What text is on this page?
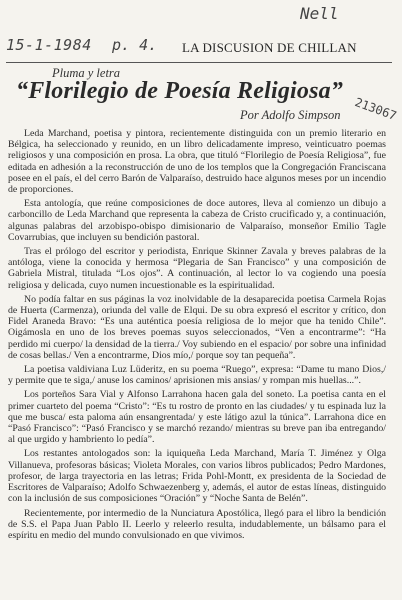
Nell
15-1-1984 p. 4. LA DISCUSION DE CHILLAN
213067
Pluma y letra
“Florilegio de Poesía Religiosa”
Por Adolfo Simpson

Leda Marchand, poetisa y pintora, recientemente distinguida con un premio literario en Bélgica, ha seleccionado y reunido, en un libro delicadamente impreso, veinticuatro poemas religiosos y una composición en prosa. La obra, que tituló “Florilegio de Poesía Religiosa”, fue editada en adhesión a la reconstrucción de uno de los templos que la Congregación Franciscana posee en el país, el del cerro Barón de Valparaíso, destruido hace algunos meses por un incendio de proporciones.

Esta antología, que reúne composiciones de doce autores, lleva al comienzo un dibujo a carboncillo de Leda Marchand que representa la cabeza de Cristo crucificado y, a continuación, algunas palabras del arzobispo-obispo dimisionario de Valparaíso, monseñor Emilio Tagle Covarrubias, que incluyen su bendición pastoral.

Tras el prólogo del escritor y periodista, Enrique Skinner Zavala y breves palabras de la antóloga, viene la conocida y hermosa “Plegaria de San Francisco” y una composición de Gabriela Mistral, titulada “Los ojos”. A continuación, al lector lo va cogiendo una poesía religiosa y delicada, cuyo numen incuestionable es la espiritualidad.

No podía faltar en sus páginas la voz inolvidable de la desaparecida poetisa Carmela Rojas de Huerta (Carmenza), oriunda del valle de Elqui. De su obra expresó el escritor y crítico, don Fidel Araneda Bravo: “Es una auténtica poesía religiosa de lo mejor que ha tenido Chile”. Oigámosla en uno de los breves poemas suyos seleccionados, “Ven a encontrarme”: “Ha perdido mi cuerpo/ la densidad de la tierra./ Voy subiendo en el espacio/ por sobre una infinidad de cosas bellas./ Ven a encontrarme, Dios mío,/ porque soy tan pequeña”.

La poetisa valdiviana Luz Lüderitz, en su poema “Ruego”, expresa: “Dame tu mano Dios,/ y permite que te siga,/ anuse los caminos/ aprisionen mis ansias/ y rompan mis huellas...”.

Los porteños Sara Vial y Alfonso Larrahona hacen gala del soneto. La poetisa canta en el primer cuarteto del poema “Cristo”: “Es tu rostro de pronto en las ciudades/ y tu espinada luz la que me busca/ esta paloma aún ensangrentada/ y este látigo azul la túnica”. Larrahona dice en “Pasó Francisco”: “Pasó Francisco y se marchó rezando/ mientras su breve pan iba entregando/ al que urgido y hambriento lo pedía”.

Los restantes antologados son: la iquiqueña Leda Marchand, María T. Jiménez y Olga Villanueva, profesoras básicas; Violeta Morales, con varios libros publicados; Pedro Mardones, profesor, de larga trayectoria en las letras; Frida Pohl-Montt, ex presidenta de la Sociedad de Escritores de Valparaíso; Adolfo Schwaezenberg y, además, el autor de estas líneas, distinguido con la inclusión de sus composiciones “Oración” y “Noche Santa de Belén”.

Recientemente, por intermedio de la Nunciatura Apostólica, llegó para el libro la bendición de S.S. el Papa Juan Pablo II. Leerlo y releerlo resulta, indudablemente, un bálsamo para el espíritu en medio del mundo convulsionado en que vivimos.
